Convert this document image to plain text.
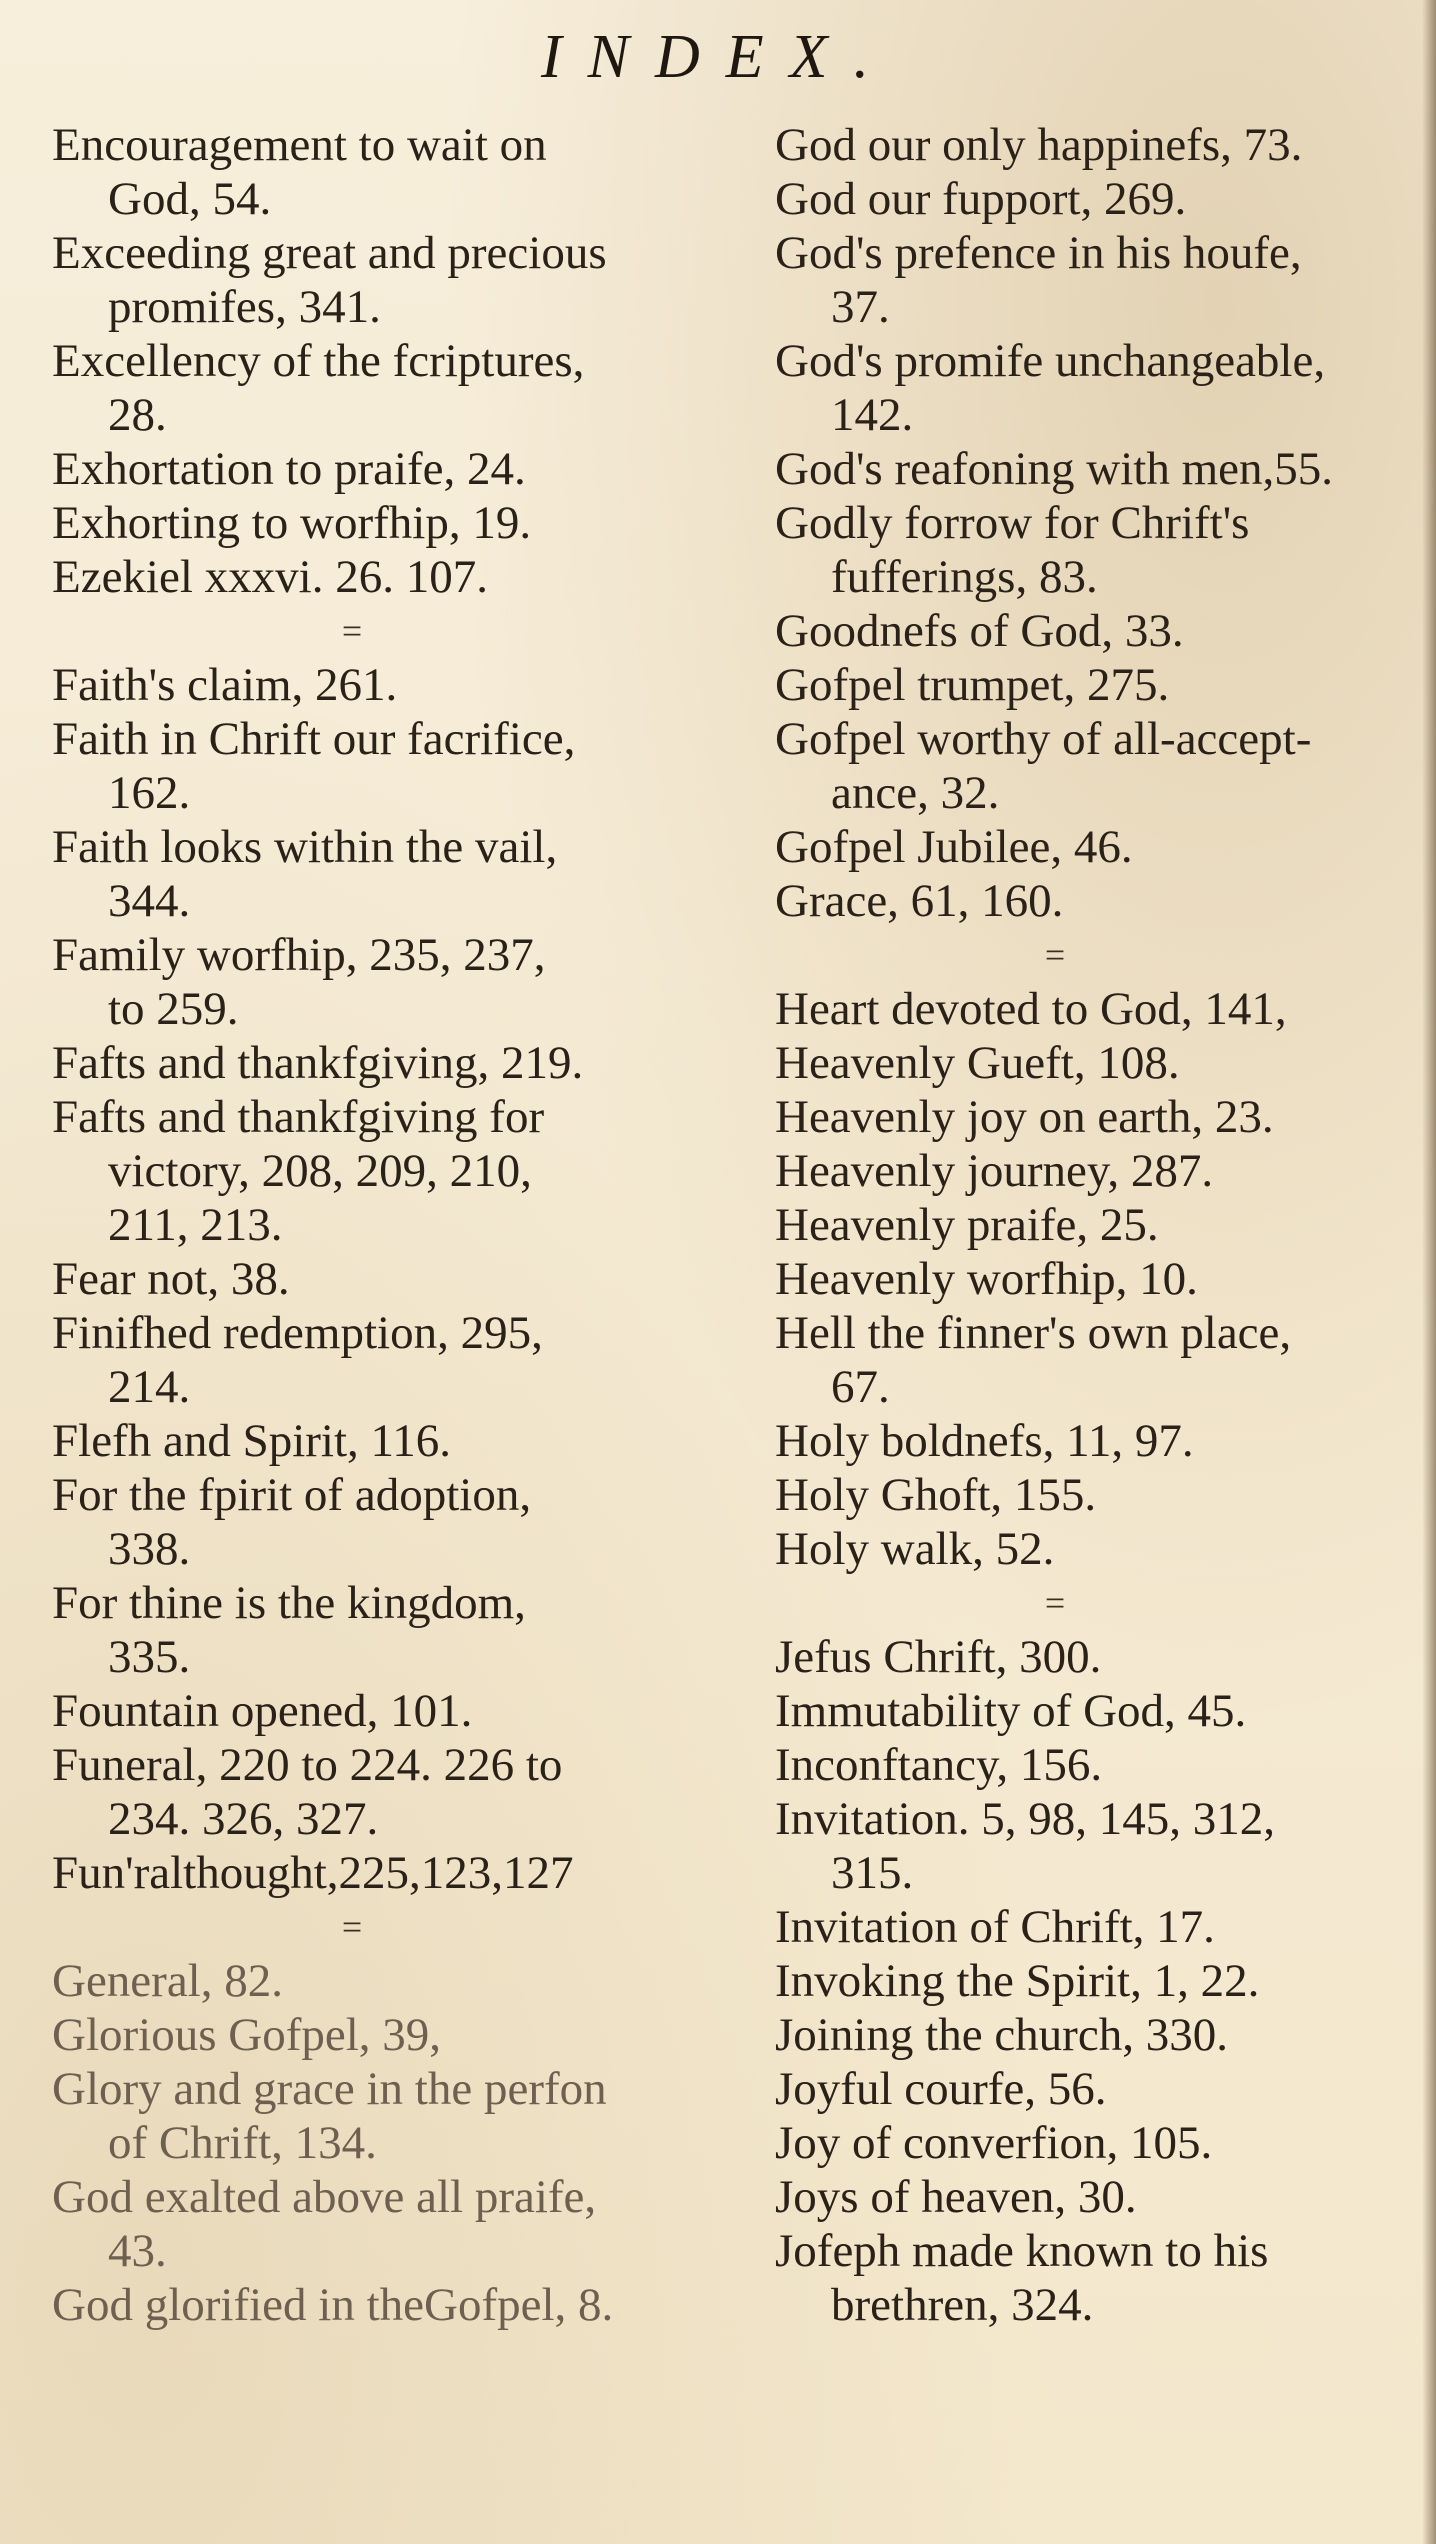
INDEX.
Encouragement to wait on
God, 54.
Exceeding great and precious
promifes, 341.
Excellency of the fcriptures,
28.
Exhortation to praife, 24.
Exhorting to worfhip, 19.
Ezekiel xxxvi. 26. 107.
=
Faith's claim, 261.
Faith in Chrift our facrifice,
162.
Faith looks within the vail,
344.
Family worfhip, 235, 237,
to 259.
Fafts and thankfgiving, 219.
Fafts and thankfgiving for
victory, 208, 209, 210,
211, 213.
Fear not, 38.
Finifhed redemption, 295,
214.
Flefh and Spirit, 116.
For the fpirit of adoption,
338.
For thine is the kingdom,
335.
Fountain opened, 101.
Funeral, 220 to 224. 226 to
234. 326, 327.
Fun'ralthought,225,123,127
=
General, 82.
Glorious Gofpel, 39,
Glory and grace in the perfon
of Chrift, 134.
God exalted above all praife,
43.
God glorified in theGofpel, 8.
God our only happinefs, 73.
God our fupport, 269.
God's prefence in his houfe,
37.
God's promife unchangeable,
142.
God's reafoning with men,55.
Godly forrow for Chrift's
fufferings, 83.
Goodnefs of God, 33.
Gofpel trumpet, 275.
Gofpel worthy of all-accept-
ance, 32.
Gofpel Jubilee, 46.
Grace, 61, 160.
=
Heart devoted to God, 141,
Heavenly Gueft, 108.
Heavenly joy on earth, 23.
Heavenly journey, 287.
Heavenly praife, 25.
Heavenly worfhip, 10.
Hell the finner's own place,
67.
Holy boldnefs, 11, 97.
Holy Ghoft, 155.
Holy walk, 52.
=
Jefus Chrift, 300.
Immutability of God, 45.
Inconftancy, 156.
Invitation. 5, 98, 145, 312,
315.
Invitation of Chrift, 17.
Invoking the Spirit, 1, 22.
Joining the church, 330.
Joyful courfe, 56.
Joy of converfion, 105.
Joys of heaven, 30.
Jofeph made known to his
brethren, 324.
